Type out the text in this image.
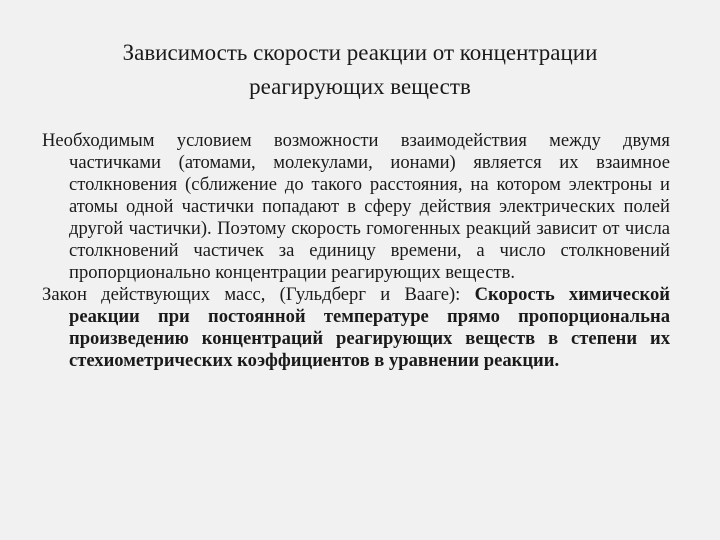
Зависимость скорости реакции от концентрации
реагирующих веществ

Необходимым условием возможности взаимодействия между двумя частичками (атомами, молекулами, ионами) является их взаимное столкновения (сближение до такого расстояния, на котором электроны и атомы одной частички попадают в сферу действия электрических полей другой частички). Поэтому скорость гомогенных реакций зависит от числа столкновений частичек за единицу времени, а число столкновений пропорционально концентрации реагирующих веществ.

Закон действующих масс, (Гульдберг и Вааге): Скорость химической реакции при постоянной температуре прямо пропорциональна произведению концентраций реагирующих веществ в степени их стехиометрических коэффициентов в уравнении реакции.
